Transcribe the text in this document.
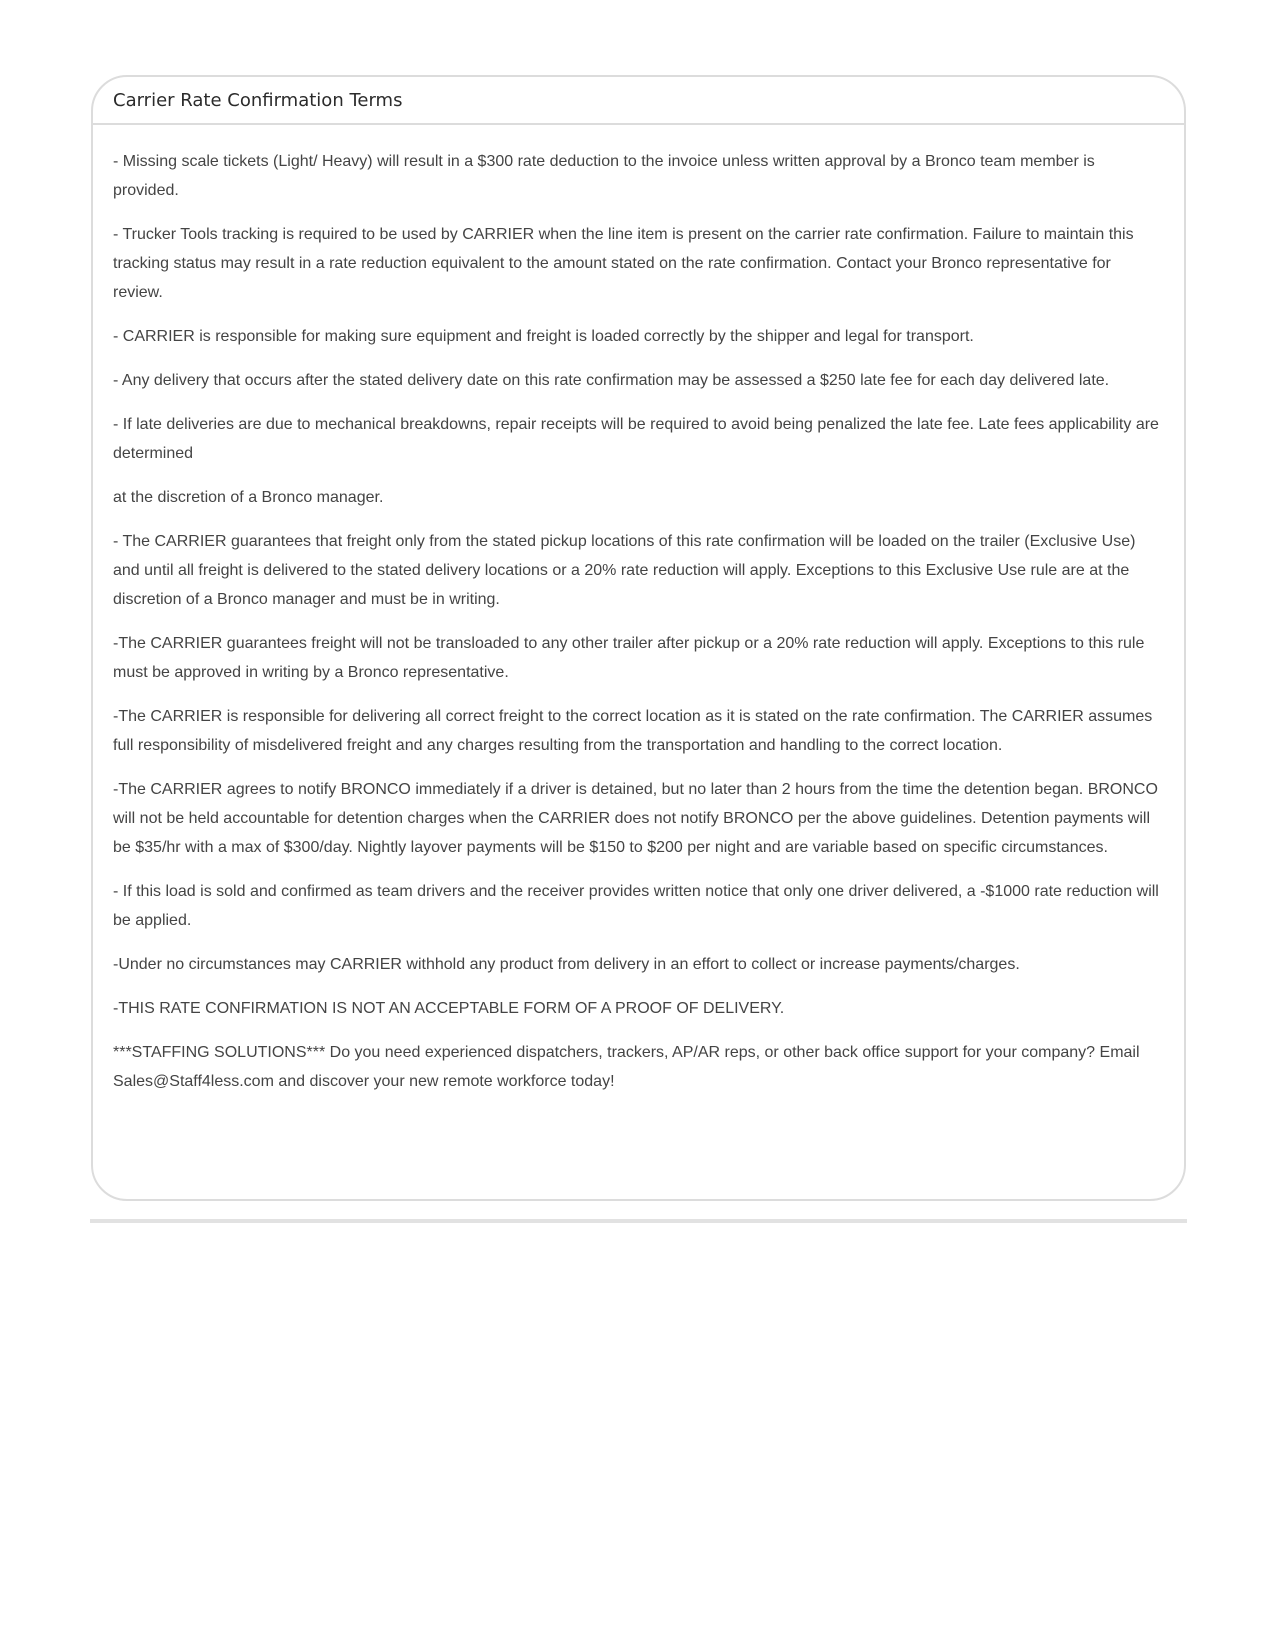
Carrier Rate Confirmation Terms

- Missing scale tickets (Light/ Heavy) will result in a $300 rate deduction to the invoice unless written approval by a Bronco team member is provided.

- Trucker Tools tracking is required to be used by CARRIER when the line item is present on the carrier rate confirmation. Failure to maintain this tracking status may result in a rate reduction equivalent to the amount stated on the rate confirmation. Contact your Bronco representative for review.

- CARRIER is responsible for making sure equipment and freight is loaded correctly by the shipper and legal for transport.

- Any delivery that occurs after the stated delivery date on this rate confirmation may be assessed a $250 late fee for each day delivered late.

- If late deliveries are due to mechanical breakdowns, repair receipts will be required to avoid being penalized the late fee. Late fees applicability are determined

at the discretion of a Bronco manager.

- The CARRIER guarantees that freight only from the stated pickup locations of this rate confirmation will be loaded on the trailer (Exclusive Use) and until all freight is delivered to the stated delivery locations or a 20% rate reduction will apply. Exceptions to this Exclusive Use rule are at the discretion of a Bronco manager and must be in writing.

-The CARRIER guarantees freight will not be transloaded to any other trailer after pickup or a 20% rate reduction will apply. Exceptions to this rule must be approved in writing by a Bronco representative.

-The CARRIER is responsible for delivering all correct freight to the correct location as it is stated on the rate confirmation. The CARRIER assumes full responsibility of misdelivered freight and any charges resulting from the transportation and handling to the correct location.

-The CARRIER agrees to notify BRONCO immediately if a driver is detained, but no later than 2 hours from the time the detention began. BRONCO will not be held accountable for detention charges when the CARRIER does not notify BRONCO per the above guidelines. Detention payments will be $35/hr with a max of $300/day. Nightly layover payments will be $150 to $200 per night and are variable based on specific circumstances.

- If this load is sold and confirmed as team drivers and the receiver provides written notice that only one driver delivered, a -$1000 rate reduction will be applied.

-Under no circumstances may CARRIER withhold any product from delivery in an effort to collect or increase payments/charges.

-THIS RATE CONFIRMATION IS NOT AN ACCEPTABLE FORM OF A PROOF OF DELIVERY.

***STAFFING SOLUTIONS*** Do you need experienced dispatchers, trackers, AP/AR reps, or other back office support for your company? Email Sales@Staff4less.com and discover your new remote workforce today!
